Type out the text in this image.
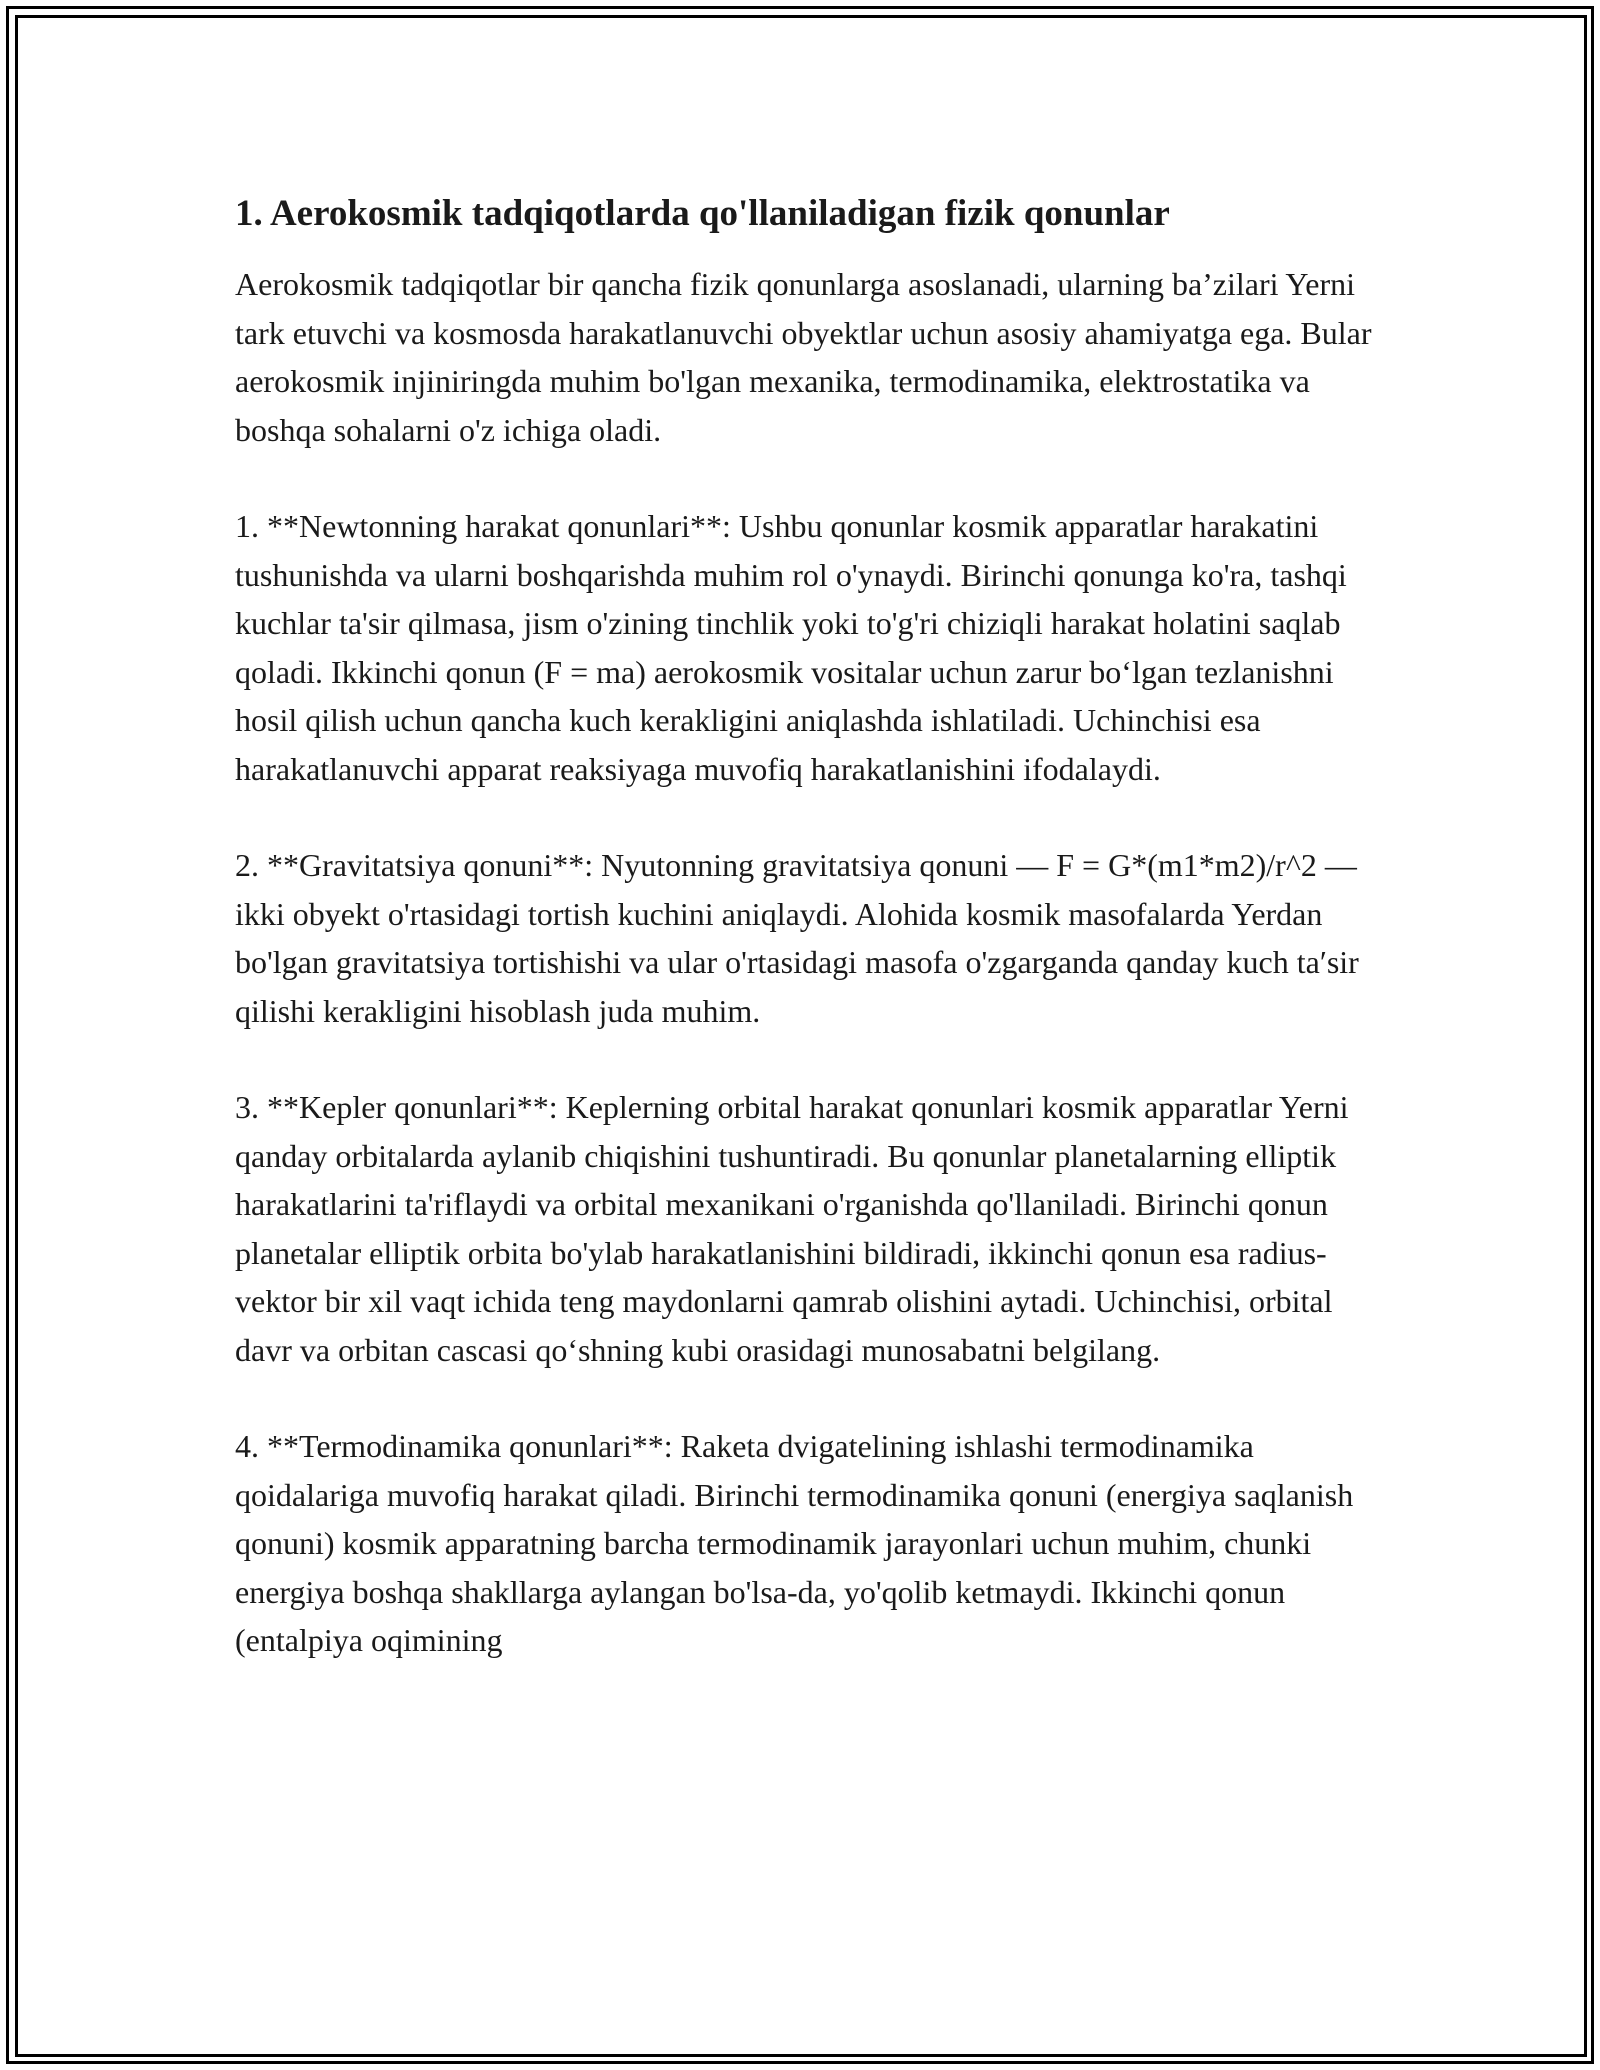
1. Aerokosmik tadqiqotlarda qo'llaniladigan fizik qonunlar

Aerokosmik tadqiqotlar bir qancha fizik qonunlarga asoslanadi, ularning ba’zilari Yerni tark etuvchi va kosmosda harakatlanuvchi obyektlar uchun asosiy ahamiyatga ega. Bular aerokosmik injiniringda muhim bo'lgan mexanika, termodinamika, elektrostatika va boshqa sohalarni o'z ichiga oladi.

1. **Newtonning harakat qonunlari**: Ushbu qonunlar kosmik apparatlar harakatini tushunishda va ularni boshqarishda muhim rol o'ynaydi. Birinchi qonunga ko'ra, tashqi kuchlar ta'sir qilmasa, jism o'zining tinchlik yoki to'g'ri chiziqli harakat holatini saqlab qoladi. Ikkinchi qonun (F = ma) aerokosmik vositalar uchun zarur bo‘lgan tezlanishni hosil qilish uchun qancha kuch kerakligini aniqlashda ishlatiladi. Uchinchisi esa harakatlanuvchi apparat reaksiyaga muvofiq harakatlanishini ifodalaydi.

2. **Gravitatsiya qonuni**: Nyutonning gravitatsiya qonuni — F = G*(m1*m2)/r^2 — ikki obyekt o'rtasidagi tortish kuchini aniqlaydi. Alohida kosmik masofalarda Yerdan bo'lgan gravitatsiya tortishishi va ular o'rtasidagi masofa o'zgarganda qanday kuch ta′sir qilishi kerakligini hisoblash juda muhim.

3. **Kepler qonunlari**: Keplerning orbital harakat qonunlari kosmik apparatlar Yerni qanday orbitalarda aylanib chiqishini tushuntiradi. Bu qonunlar planetalarning elliptik harakatlarini ta'riflaydi va orbital mexanikani o'rganishda qo'llaniladi. Birinchi qonun planetalar elliptik orbita bo'ylab harakatlanishini bildiradi, ikkinchi qonun esa radius-vektor bir xil vaqt ichida teng maydonlarni qamrab olishini aytadi. Uchinchisi, orbital davr va orbitan cascasi qo‘shning kubi orasidagi munosabatni belgilang.

4. **Termodinamika qonunlari**: Raketa dvigatelining ishlashi termodinamika qoidalariga muvofiq harakat qiladi. Birinchi termodinamika qonuni (energiya saqlanish qonuni) kosmik apparatning barcha termodinamik jarayonlari uchun muhim, chunki energiya boshqa shakllarga aylangan bo'lsa-da, yo'qolib ketmaydi. Ikkinchi qonun (entalpiya oqimining
